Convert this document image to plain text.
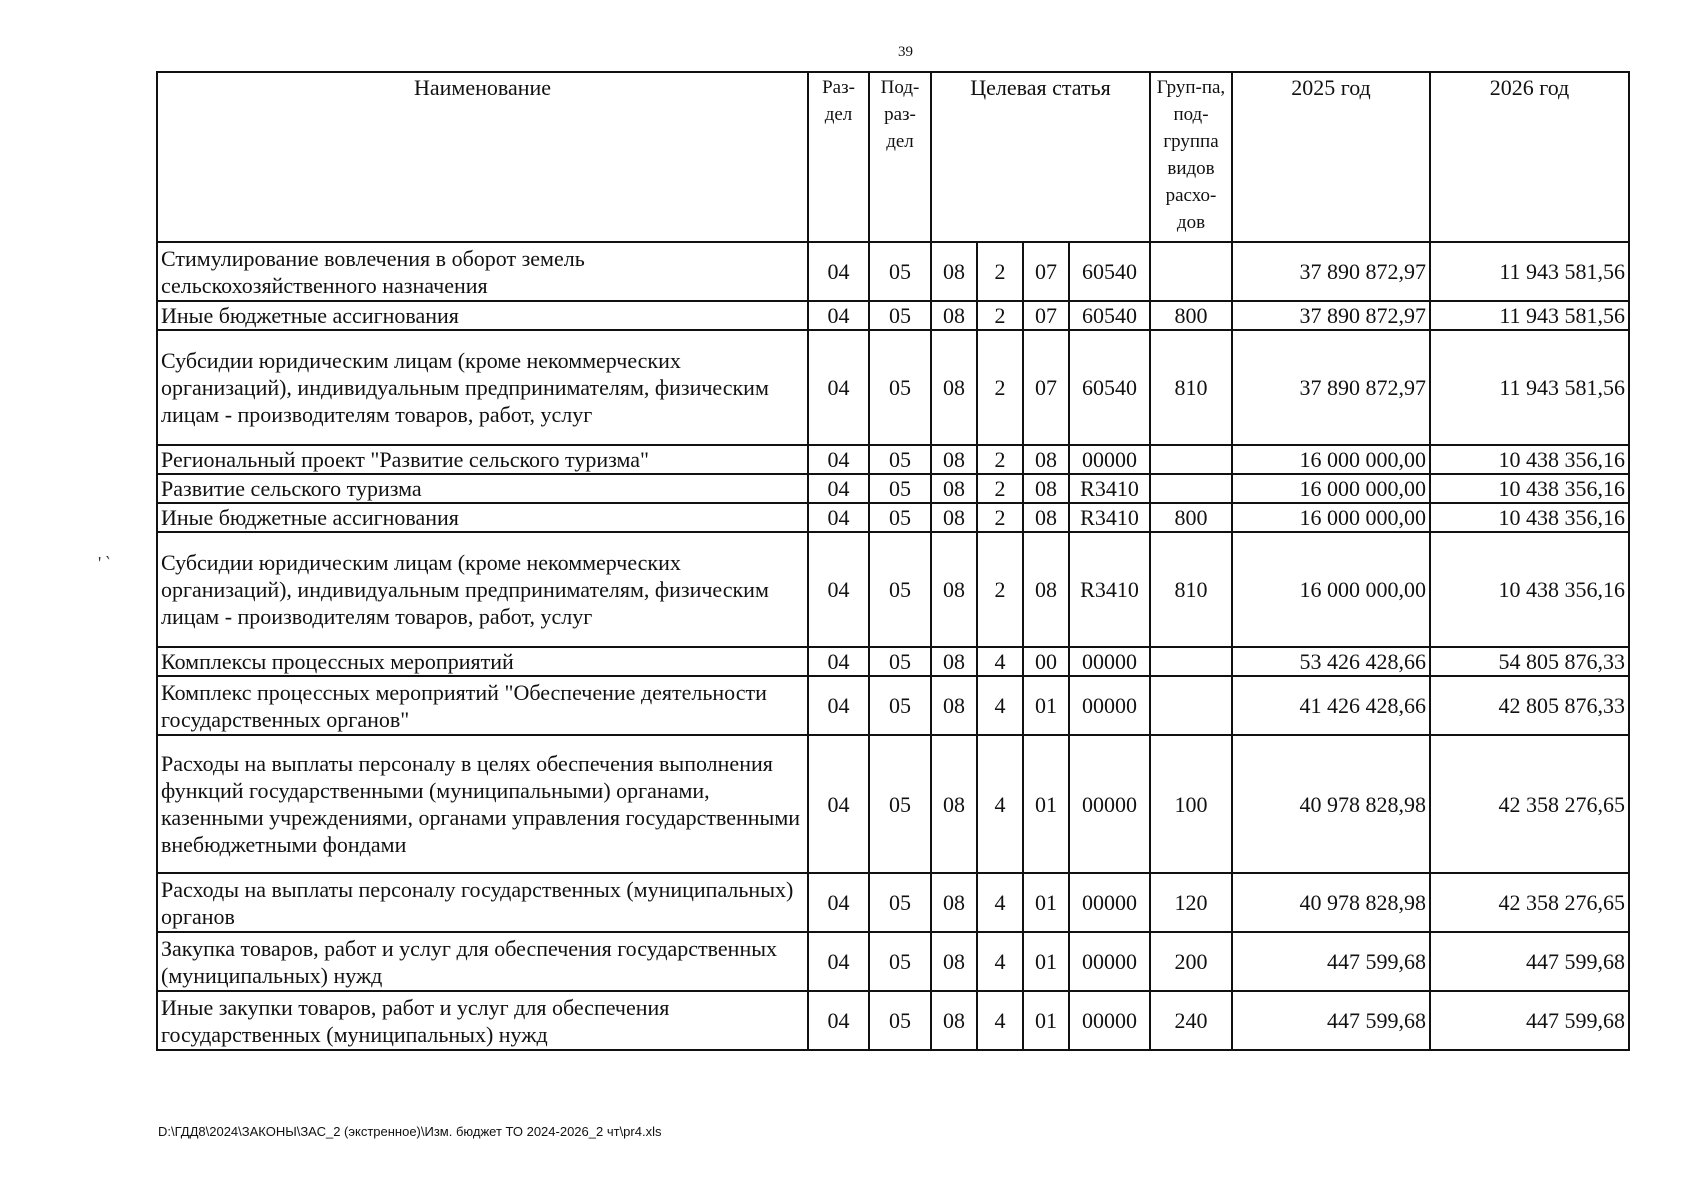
39
Наименование	Раз-дел	Под-раз-дел	Целевая статья				Груп-па, под-группа видов расхо-дов	2025 год	2026 год
Стимулирование вовлечения в оборот земель сельскохозяйственного назначения	04	05	08	2	07	60540		37 890 872,97	11 943 581,56
Иные бюджетные ассигнования	04	05	08	2	07	60540	800	37 890 872,97	11 943 581,56
Субсидии юридическим лицам (кроме некоммерческих организаций), индивидуальным предпринимателям, физическим лицам - производителям товаров, работ, услуг	04	05	08	2	07	60540	810	37 890 872,97	11 943 581,56
Региональный проект "Развитие сельского туризма"	04	05	08	2	08	00000		16 000 000,00	10 438 356,16
Развитие сельского туризма	04	05	08	2	08	R3410		16 000 000,00	10 438 356,16
Иные бюджетные ассигнования	04	05	08	2	08	R3410	800	16 000 000,00	10 438 356,16
Субсидии юридическим лицам (кроме некоммерческих организаций), индивидуальным предпринимателям, физическим лицам - производителям товаров, работ, услуг	04	05	08	2	08	R3410	810	16 000 000,00	10 438 356,16
Комплексы процессных мероприятий	04	05	08	4	00	00000		53 426 428,66	54 805 876,33
Комплекс процессных мероприятий "Обеспечение деятельности государственных органов"	04	05	08	4	01	00000		41 426 428,66	42 805 876,33
Расходы на выплаты персоналу в целях обеспечения выполнения функций государственными (муниципальными) органами, казенными учреждениями, органами управления государственными внебюджетными фондами	04	05	08	4	01	00000	100	40 978 828,98	42 358 276,65
Расходы на выплаты персоналу государственных (муниципальных) органов	04	05	08	4	01	00000	120	40 978 828,98	42 358 276,65
Закупка товаров, работ и услуг для обеспечения государственных (муниципальных) нужд	04	05	08	4	01	00000	200	447 599,68	447 599,68
Иные закупки товаров, работ и услуг для обеспечения государственных (муниципальных) нужд	04	05	08	4	01	00000	240	447 599,68	447 599,68
' ‵
D:\ГДД8\2024\ЗАКОНЫ\ЗАС_2 (экстренное)\Изм. бюджет ТО 2024-2026_2 чт\pr4.xls
